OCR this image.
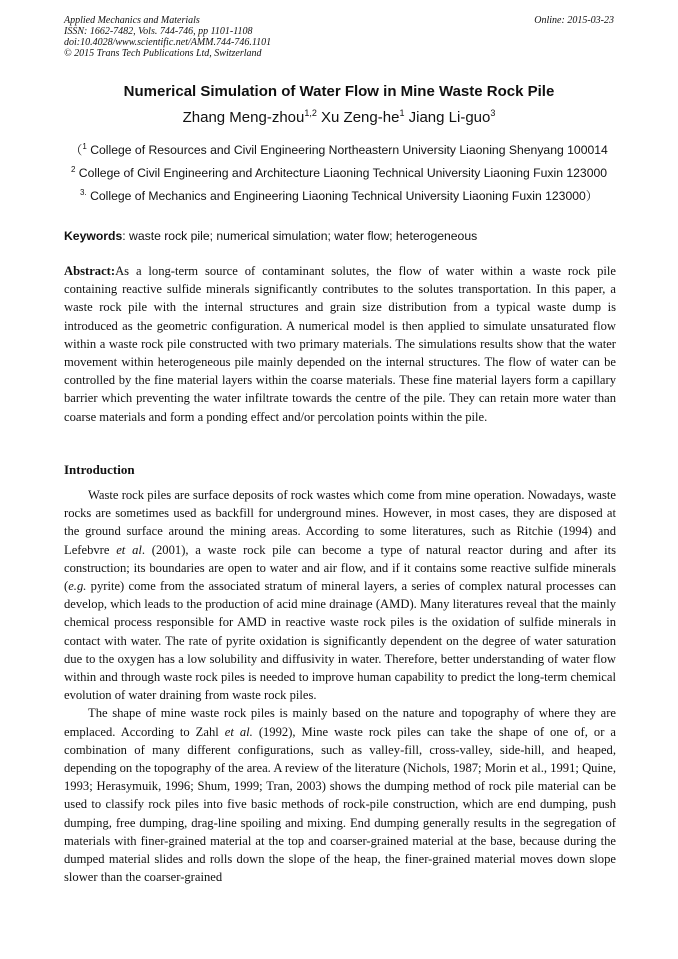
Applied Mechanics and Materials
ISSN: 1662-7482, Vols. 744-746, pp 1101-1108
doi:10.4028/www.scientific.net/AMM.744-746.1101
© 2015 Trans Tech Publications Ltd, Switzerland
Online: 2015-03-23
Numerical Simulation of Water Flow in Mine Waste Rock Pile
Zhang Meng-zhou$^{1,2}$ Xu Zeng-$he^1$ Jiang Li-guo$^3$
（$^1$ College of Resources and Civil Engineering Northeastern University Liaoning Shenyang 100014 $^2$ College of Civil Engineering and Architecture Liaoning Technical University Liaoning Fuxin 123000 $^{3.}$ College of Mechanics and Engineering Liaoning Technical University Liaoning Fuxin 123000）
Keywords: waste rock pile; numerical simulation; water flow; heterogeneous
Abstract:As a long-term source of contaminant solutes, the flow of water within a waste rock pile containing reactive sulfide minerals significantly contributes to the solutes transportation. In this paper, a waste rock pile with the internal structures and grain size distribution from a typical waste dump is introduced as the geometric configuration. A numerical model is then applied to simulate unsaturated flow within a waste rock pile constructed with two primary materials. The simulations results show that the water movement within heterogeneous pile mainly depended on the internal structures. The flow of water can be controlled by the fine material layers within the coarse materials. These fine material layers form a capillary barrier which preventing the water infiltrate towards the centre of the pile. They can retain more water than coarse materials and form a ponding effect and/or percolation points within the pile.
Introduction

Waste rock piles are surface deposits of rock wastes which come from mine operation. Nowadays, waste rocks are sometimes used as backfill for underground mines. However, in most cases, they are disposed at the ground surface around the mining areas. According to some literatures, such as Ritchie (1994) and Lefebvre et al. (2001), a waste rock pile can become a type of natural reactor during and after its construction; its boundaries are open to water and air flow, and if it contains some reactive sulfide minerals (e.g. pyrite) come from the associated stratum of mineral layers, a series of complex natural processes can develop, which leads to the production of acid mine drainage (AMD). Many literatures reveal that the mainly chemical process responsible for AMD in reactive waste rock piles is the oxidation of sulfide minerals in contact with water. The rate of pyrite oxidation is significantly dependent on the degree of water saturation due to the oxygen has a low solubility and diffusivity in water. Therefore, better understanding of water flow within and through waste rock piles is needed to improve human capability to predict the long-term chemical evolution of water draining from waste rock piles.

The shape of mine waste rock piles is mainly based on the nature and topography of where they are emplaced. According to Zahl et al. (1992), Mine waste rock piles can take the shape of one of, or a combination of many different configurations, such as valley-fill, cross-valley, side-hill, and heaped, depending on the topography of the area. A review of the literature (Nichols, 1987; Morin et al., 1991; Quine, 1993; Herasymuik, 1996; Shum, 1999; Tran, 2003) shows the dumping method of rock pile material can be used to classify rock piles into five basic methods of rock-pile construction, which are end dumping, push dumping, free dumping, drag-line spoiling and mixing. End dumping generally results in the segregation of materials with finer-grained material at the top and coarser-grained material at the base, because during the dumped material slides and rolls down the slope of the heap, the finer-grained material moves down slope slower than the coarser-grained
